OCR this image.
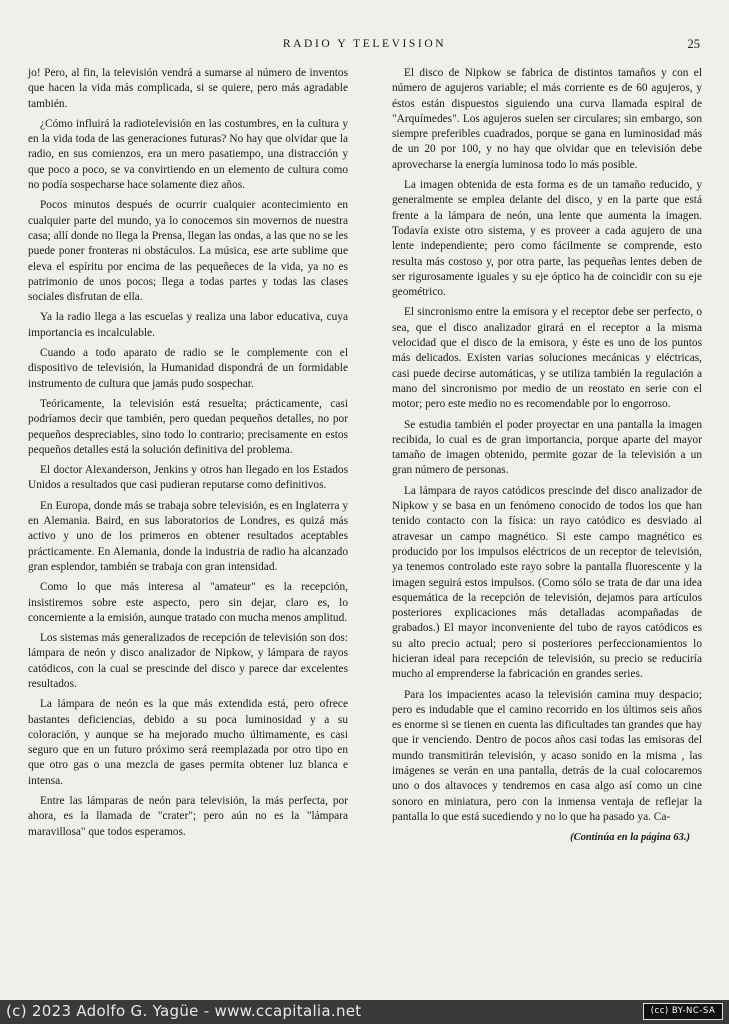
RADIO Y TELEVISION	25

jo! Pero, al fin, la televisión vendrá a sumarse al número de inventos que hacen la vida más complicada, si se quiere, pero más agradable también.

¿Cómo influirá la radiotelevisión en las costumbres, en la cultura y en la vida toda de las generaciones futuras? No hay que olvidar que la radio, en sus comienzos, era un mero pasatiempo, una distracción y que poco a poco, se va convirtiendo en un elemento de cultura como no podía sospecharse hace solamente diez años.

Pocos minutos después de ocurrir cualquier acontecimiento en cualquier parte del mundo, ya lo conocemos sin movernos de nuestra casa; allí donde no llega la Prensa, llegan las ondas, a las que no se les puede poner fronteras ni obstáculos. La música, ese arte sublime que eleva el espíritu por encima de las pequeñeces de la vida, ya no es patrimonio de unos pocos; llega a todas partes y todas las clases sociales disfrutan de ella.

Ya la radio llega a las escuelas y realiza una labor educativa, cuya importancia es incalculable.

Cuando a todo aparato de radio se le complemente con el dispositivo de televisión, la Humanidad dispondrá de un formidable instrumento de cultura que jamás pudo sospechar.

Teóricamente, la televisión está resuelta; prácticamente, casi podríamos decir que también, pero quedan pequeños detalles, no por pequeños despreciables, sino todo lo contrario; precisamente en estos pequeños detalles está la solución definitiva del problema.

El doctor Alexanderson, Jenkins y otros han llegado en los Estados Unidos a resultados que casi pudieran reputarse como definitivos.

En Europa, donde más se trabaja sobre televisión, es en Inglaterra y en Alemania. Baird, en sus laboratorios de Londres, es quizá más activo y uno de los primeros en obtener resultados aceptables prácticamente. En Alemania, donde la industria de radio ha alcanzado gran esplendor, también se trabaja con gran intensidad.

Como lo que más interesa al "amateur" es la recepción, insistiremos sobre este aspecto, pero sin dejar, claro es, lo concerniente a la emisión, aunque tratado con mucha menos amplitud.

Los sistemas más generalizados de recepción de televisión son dos: lámpara de neón y disco analizador de Nipkow, y lámpara de rayos catódicos, con la cual se prescinde del disco y parece dar excelentes resultados.

La lámpara de neón es la que más extendida está, pero ofrece bastantes deficiencias, debido a su poca luminosidad y a su coloración, y aunque se ha mejorado mucho últimamente, es casi seguro que en un futuro próximo será reemplazada por otro tipo en que otro gas o una mezcla de gases permita obtener luz blanca e intensa.

Entre las lámparas de neón para televisión, la más perfecta, por ahora, es la llamada de "crater"; pero aún no es la "lámpara maravillosa" que todos esperamos.

El disco de Nipkow se fabrica de distintos tamaños y con el número de agujeros variable; el más corriente es de 60 agujeros, y éstos están dispuestos siguiendo una curva llamada espiral de "Arquímedes". Los agujeros suelen ser circulares; sin embargo, son siempre preferibles cuadrados, porque se gana en luminosidad más de un 20 por 100, y no hay que olvidar que en televisión debe aprovecharse la energía luminosa todo lo más posible.

La imagen obtenida de esta forma es de un tamaño reducido, y generalmente se emplea delante del disco, y en la parte que está frente a la lámpara de neón, una lente que aumenta la imagen. Todavía existe otro sistema, y es proveer a cada agujero de una lente independiente; pero como fácilmente se comprende, esto resulta más costoso y, por otra parte, las pequeñas lentes deben de ser rigurosamente iguales y su eje óptico ha de coincidir con su eje geométrico.

El sincronismo entre la emisora y el receptor debe ser perfecto, o sea, que el disco analizador girará en el receptor a la misma velocidad que el disco de la emisora, y éste es uno de los puntos más delicados. Existen varias soluciones mecánicas y eléctricas, casi puede decirse automáticas, y se utiliza también la regulación a mano del sincronismo por medio de un reostato en serie con el motor; pero este medio no es recomendable por lo engorroso.

Se estudia también el poder proyectar en una pantalla la imagen recibida, lo cual es de gran importancia, porque aparte del mayor tamaño de imagen obtenido, permite gozar de la televisión a un gran número de personas.

La lámpara de rayos catódicos prescinde del disco analizador de Nipkow y se basa en un fenómeno conocido de todos los que han tenido contacto con la física: un rayo catódico es desviado al atravesar un campo magnético. Si este campo magnético es producido por los impulsos eléctricos de un receptor de televisión, ya tenemos controlado este rayo sobre la pantalla fluorescente y la imagen seguirá estos impulsos. (Como sólo se trata de dar una idea esquemática de la recepción de televisión, dejamos para artículos posteriores explicaciones más detalladas acompañadas de grabados.) El mayor inconveniente del tubo de rayos catódicos es su alto precio actual; pero si posteriores perfeccionamientos lo hicieran ideal para recepción de televisión, su precio se reduciría mucho al emprenderse la fabricación en grandes series.

Para los impacientes acaso la televisión camina muy despacio; pero es indudable que el camino recorrido en los últimos seis años es enorme si se tienen en cuenta las dificultades tan grandes que hay que ir venciendo. Dentro de pocos años casi todas las emisoras del mundo transmitirán televisión, y acaso sonido en la misma , las imágenes se verán en una pantalla, detrás de la cual colocaremos uno o dos altavoces y tendremos en casa algo así como un cine sonoro en miniatura, pero con la inmensa ventaja de reflejar la pantalla lo que está sucediendo y no lo que ha pasado ya. Ca-

(Continúa en la página 63.)
(c) 2023 Adolfo G. Yagüe - www.ccapitalia.net	(cc) BY-NC-SA
